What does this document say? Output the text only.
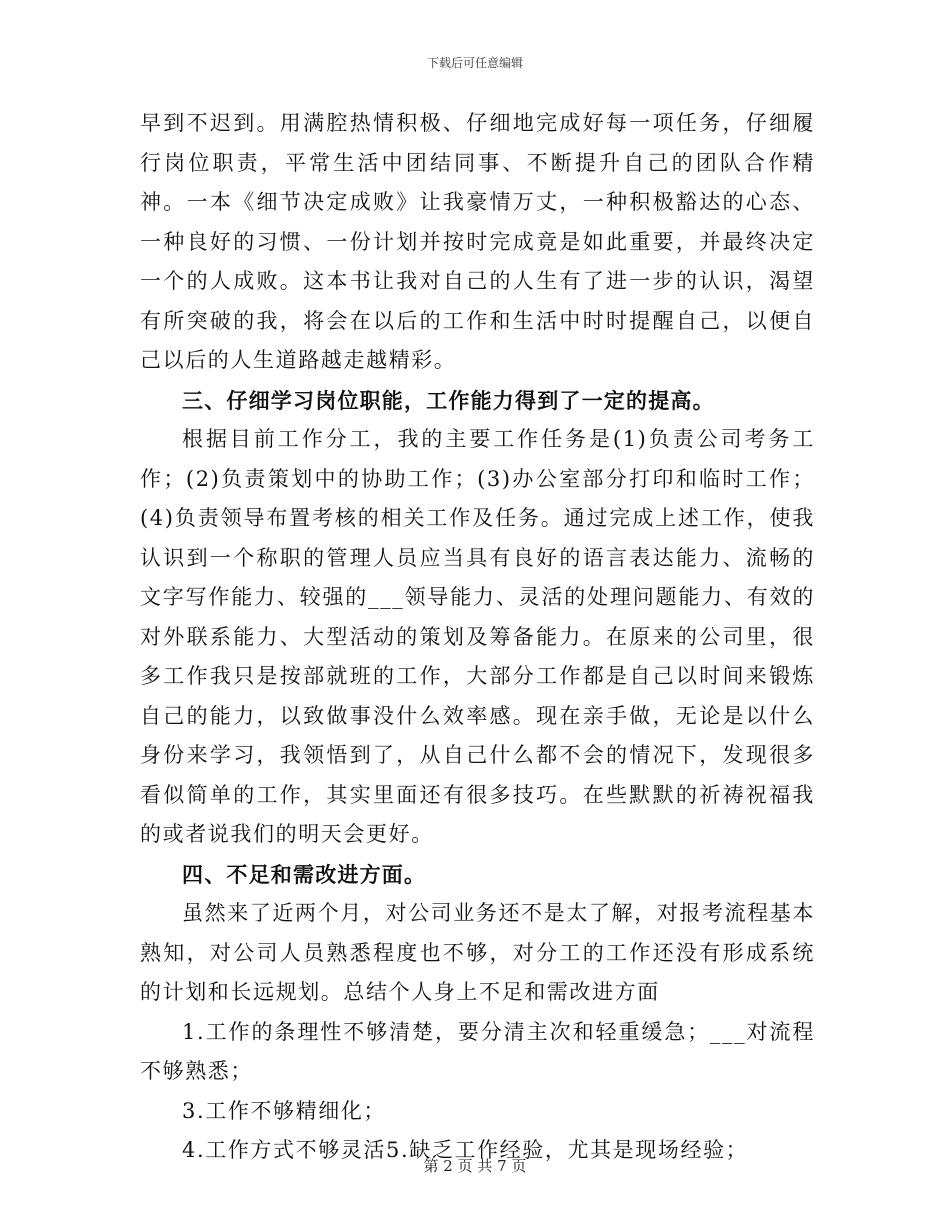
下载后可任意编辑

早到不迟到。用满腔热情积极、仔细地完成好每一项任务，仔细履行岗位职责，平常生活中团结同事、不断提升自己的团队合作精神。一本《细节决定成败》让我豪情万丈，一种积极豁达的心态、一种良好的习惯、一份计划并按时完成竟是如此重要，并最终决定一个的人成败。这本书让我对自己的人生有了进一步的认识，渴望有所突破的我，将会在以后的工作和生活中时时提醒自己，以便自己以后的人生道路越走越精彩。

三、仔细学习岗位职能，工作能力得到了一定的提高。

根据目前工作分工，我的主要工作任务是(1)负责公司考务工作；(2)负责策划中的协助工作；(3)办公室部分打印和临时工作；(4)负责领导布置考核的相关工作及任务。通过完成上述工作，使我认识到一个称职的管理人员应当具有良好的语言表达能力、流畅的文字写作能力、较强的___领导能力、灵活的处理问题能力、有效的对外联系能力、大型活动的策划及筹备能力。在原来的公司里，很多工作我只是按部就班的工作，大部分工作都是自己以时间来锻炼自己的能力，以致做事没什么效率感。现在亲手做，无论是以什么身份来学习，我领悟到了，从自己什么都不会的情况下，发现很多看似简单的工作，其实里面还有很多技巧。在些默默的祈祷祝福我的或者说我们的明天会更好。

四、不足和需改进方面。

虽然来了近两个月，对公司业务还不是太了解，对报考流程基本熟知，对公司人员熟悉程度也不够，对分工的工作还没有形成系统的计划和长远规划。总结个人身上不足和需改进方面

1.工作的条理性不够清楚，要分清主次和轻重缓急；___对流程不够熟悉；

3.工作不够精细化；

4.工作方式不够灵活5.缺乏工作经验，尤其是现场经验；

第 2 页 共 7 页
